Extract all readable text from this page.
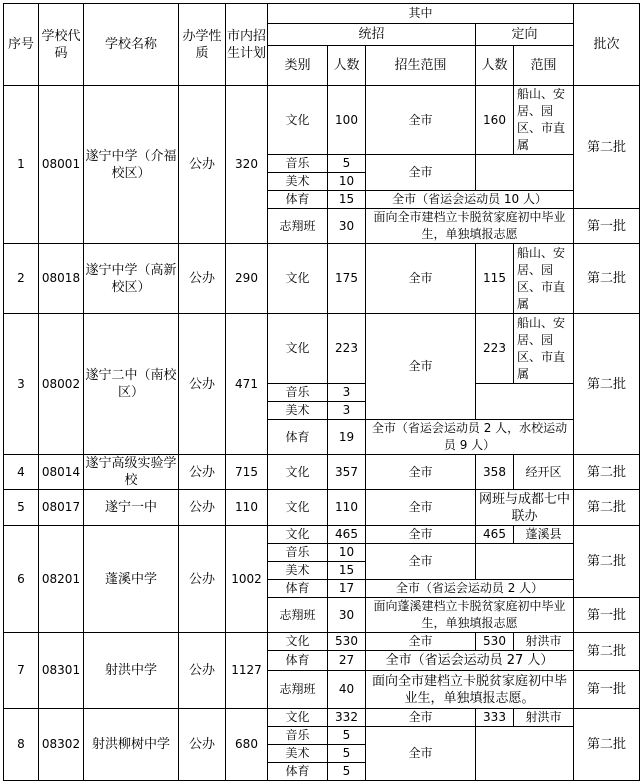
序号	学校代码	学校名称	办学性质	市内招生计划	其中					批次
					统招			定向		
					类别	人数	招生范围	人数	范围	
1	08001	遂宁中学（介福校区）	公办	320	文化	100	全市	160	船山、安居、园区、市直属	第二批
					音乐	5	全市			
					美术	10				
					体育	15	全市（省运会运动员 10 人）			
					志翔班	30	面向全市建档立卡脱贫家庭初中毕业生，单独填报志愿			第一批
2	08018	遂宁中学（高新校区）	公办	290	文化	175	全市	115	船山、安居、园区、市直属	第二批
3	08002	遂宁二中（南校区）	公办	471	文化	223	全市	223	船山、安居、园区、市直属	第二批
					音乐	3				
					美术	3				
					体育	19	全市（省运会运动员 2 人，水校运动员 9 人）			
4	08014	遂宁高级实验学校	公办	715	文化	357	全市	358	经开区	第二批
5	08017	遂宁一中	公办	110	文化	110	全市	网班与成都七中联办		第二批
6	08201	蓬溪中学	公办	1002	文化	465	全市	465	蓬溪县	第二批
					音乐	10	全市			
					美术	15				
					体育	17	全市（省运会运动员 2 人）			
					志翔班	30	面向蓬溪建档立卡脱贫家庭初中毕业生，单独填报志愿			第一批
7	08301	射洪中学	公办	1127	文化	530	全市	530	射洪市	第二批
					体育	27	全市（省运会运动员 27 人）			
					志翔班	40	面向全市建档立卡脱贫家庭初中毕业生，单独填报志愿。			第一批
8	08302	射洪柳树中学	公办	680	文化	332	全市	333	射洪市	第二批
					音乐	5	全市			
					美术	5				
					体育	5				
